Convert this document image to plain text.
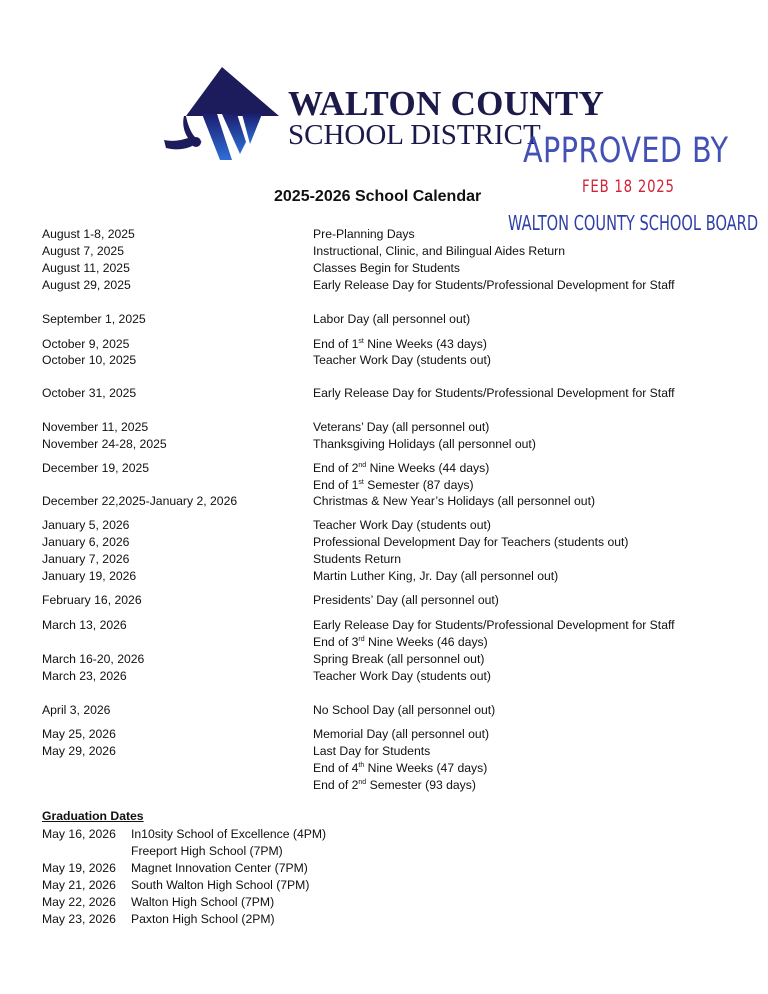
WALTON COUNTY
SCHOOL DISTRICT
APPROVED BY
FEB 18 2025
WALTON COUNTY SCHOOL BOARD
2025-2026 School Calendar
August 1-8, 2025	Pre-Planning Days
August 7, 2025	Instructional, Clinic, and Bilingual Aides Return
August 11, 2025	Classes Begin for Students
August 29, 2025	Early Release Day for Students/Professional Development for Staff
September 1, 2025	Labor Day (all personnel out)
October 9, 2025	End of 1st Nine Weeks (43 days)
October 10, 2025	Teacher Work Day (students out)
October 31, 2025	Early Release Day for Students/Professional Development for Staff
November 11, 2025	Veterans’ Day (all personnel out)
November 24-28, 2025	Thanksgiving Holidays (all personnel out)
December 19, 2025	End of 2nd Nine Weeks (44 days)
End of 1st Semester (87 days)
December 22,2025-January 2, 2026	Christmas & New Year’s Holidays (all personnel out)
January 5, 2026	Teacher Work Day (students out)
January 6, 2026	Professional Development Day for Teachers (students out)
January 7, 2026	Students Return
January 19, 2026	Martin Luther King, Jr. Day (all personnel out)
February 16, 2026	Presidents’ Day (all personnel out)
March 13, 2026	Early Release Day for Students/Professional Development for Staff
End of 3rd Nine Weeks (46 days)
March 16-20, 2026	Spring Break (all personnel out)
March 23, 2026	Teacher Work Day (students out)
April 3, 2026	No School Day (all personnel out)
May 25, 2026	Memorial Day (all personnel out)
May 29, 2026	Last Day for Students
End of 4th Nine Weeks (47 days)
End of 2nd Semester (93 days)
Graduation Dates
May 16, 2026 In10sity School of Excellence (4PM)
Freeport High School (7PM)
May 19, 2026 Magnet Innovation Center (7PM)
May 21, 2026 South Walton High School (7PM)
May 22, 2026 Walton High School (7PM)
May 23, 2026 Paxton High School (2PM)
